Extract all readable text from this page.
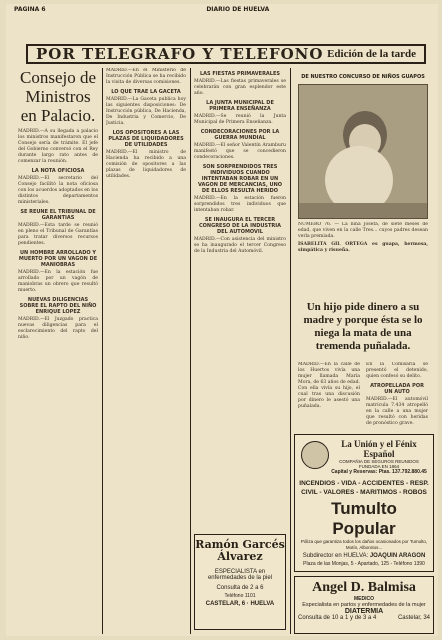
PAGINA 6	DIARIO DE HUELVA
POR TELEGRAFO Y TELEFONO Edición de la tarde
Consejo de Ministros en Palacio.

MADRID.—A su llegada a palacio los ministros manifestaron que el Consejo sería de trámite. El jefe del Gobierno conversó con el Rey durante largo rato antes de comenzar la reunión.

LA NOTA OFICIOSA

MADRID.—El secretario del Consejo facilitó la nota oficiosa con los acuerdos adoptados en los distintos departamentos ministeriales.

SE REUNE EL TRIBUNAL DE GARANTIAS

MADRID.—Esta tarde se reunió en pleno el Tribunal de Garantías para tratar diversos recursos pendientes.

UN HOMBRE ARROLLADO Y MUERTO POR UN VAGON DE MANIOBRAS

MADRID.—En la estación fue arrollado por un vagón de maniobras un obrero que resultó muerto.

NUEVAS DILIGENCIAS SOBRE EL RAPTO DEL NIÑO ENRIQUE LOPEZ

MADRID.—El Juzgado practica nuevas diligencias para el esclarecimiento del rapto del niño.

MADRID.—En el Ministerio de Instrucción Pública se ha recibido la visita de diversas comisiones.

LO QUE TRAE LA GACETA

MADRID.—La Gaceta publica hoy las siguientes disposiciones: De Instrucción pública, De Hacienda, De Industria y Comercio, De Justicia.

LOS OPOSITORES A LAS PLAZAS DE LIQUIDADORES DE UTILIDADES

MADRID.—El ministro de Hacienda ha recibido a una comisión de opositores a las plazas de liquidadores de utilidades.

LAS FIESTAS PRIMAVERALES

MADRID.—Las fiestas primaverales se celebrarán con gran esplendor este año.

LA JUNTA MUNICIPAL DE PRIMERA ENSEÑANZA

MADRID.—Se reunió la Junta Municipal de Primera Enseñanza.

CONDECORACIONES POR LA GUERRA MUNDIAL

MADRID.—El señor Valentín Aramburu manifestó que se concedieron condecoraciones.

SON SORPRENDIDOS TRES INDIVIDUOS CUANDO INTENTABAN ROBAR EN UN VAGON DE MERCANCIAS, UNO DE ELLOS RESULTA HERIDO

MADRID.—En la estación fueron sorprendidos tres individuos que intentaban robar.

SE INAUGURA EL TERCER CONGRESO DE LA INDUSTRIA DEL AUTOMOVIL

MADRID.—Con asistencia del ministro se ha inaugurado el tercer Congreso de la Industria del Automóvil.

Ramón Garcés Álvarez
ESPECIALISTA en enfermedades de la piel
Consulta de 2 a 6
Teléfono 1101
CASTELAR, 6 · HUELVA
DE NUESTRO CONCURSO DE NIÑOS GUAPOS

NUMERO 76. — La niña Josefa, de siete meses de edad, que viven en la calle Tres... cuyos padres desean verla premiada.

ISABELITA GIL ORTEGA es guapa, hermosa, simpática y risueña.

Un hijo pide dinero a su madre y porque ésta se lo niega la mata de una tremenda puñalada.

MADRID.—En la calle de los Huertos vivía una mujer llamada María Mora, de 63 años de edad. Con ella vivía su hijo, el cual tras una discusión por dinero le asestó una puñalada.

En la Comisaría se presentó el detenido, quien confesó su delito.

ATROPELLADA POR UN AUTO

MADRID.—El automóvil matrícula 7.434 atropelló en la calle a una mujer que resultó con heridas de pronóstico grave.

La Unión y el Fénix Español
COMPAÑIA DE SEGUROS REUNIDOS
FUNDADA EN 1864
Capital y Reservas: Ptas. 137.792.880.45
INCENDIOS - VIDA - ACCIDENTES - RESP. CIVIL - VALORES - MARITIMOS - ROBOS
Tumulto Popular
Póliza que garantiza todos los daños ocasionados por Tumulto, Motín, Alborotos...
Subdirector en HUELVA: JOAQUIN ARAGON
Plaza de las Monjas, 5 - Apartado, 125 - Teléfono 1390
Angel D. Balmisa
MEDICO
Especialista en partos y enfermedades de la mujer
DIATERMIA
Consulta de 10 a 1 y de 3 a 4	Castelar, 34
